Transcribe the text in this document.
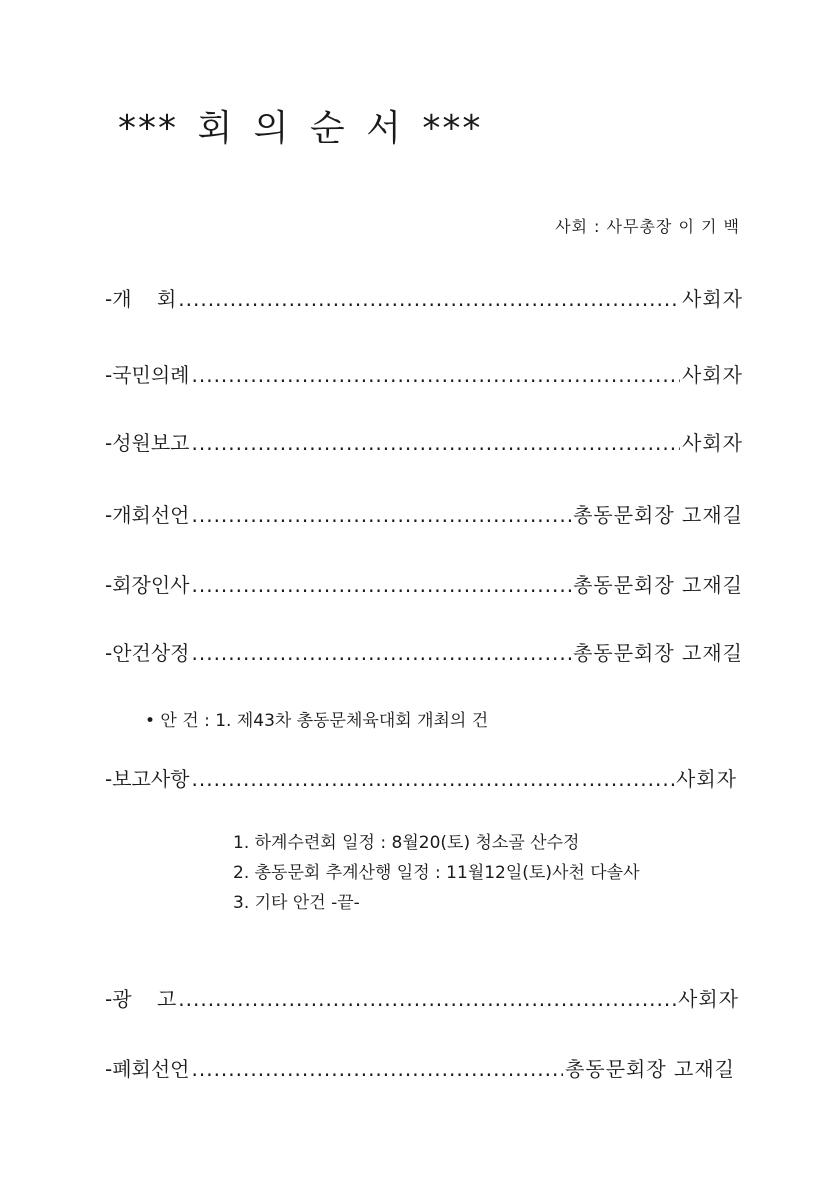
*** 회 의 순 서 ***
사회 : 사무총장 이 기 백
-개    회 .....	사회자
-국민의례 .....	사회자
-성원보고 .....	사회자
-개회선언 .....	총동문회장 고재길
-회장인사 .....	총동문회장 고재길
-안건상정 .....	총동문회장 고재길
• 안 건 : 1. 제43차 총동문체육대회 개최의 건
-보고사항 .....	사회자
1. 하계수련회 일정 : 8월20(토) 청소골 산수정
2. 총동문회 추계산행 일정 : 11월12일(토)사천 다솔사
3. 기타 안건 -끝-
-광    고 .....	사회자
-폐회선언 .....	총동문회장 고재길
